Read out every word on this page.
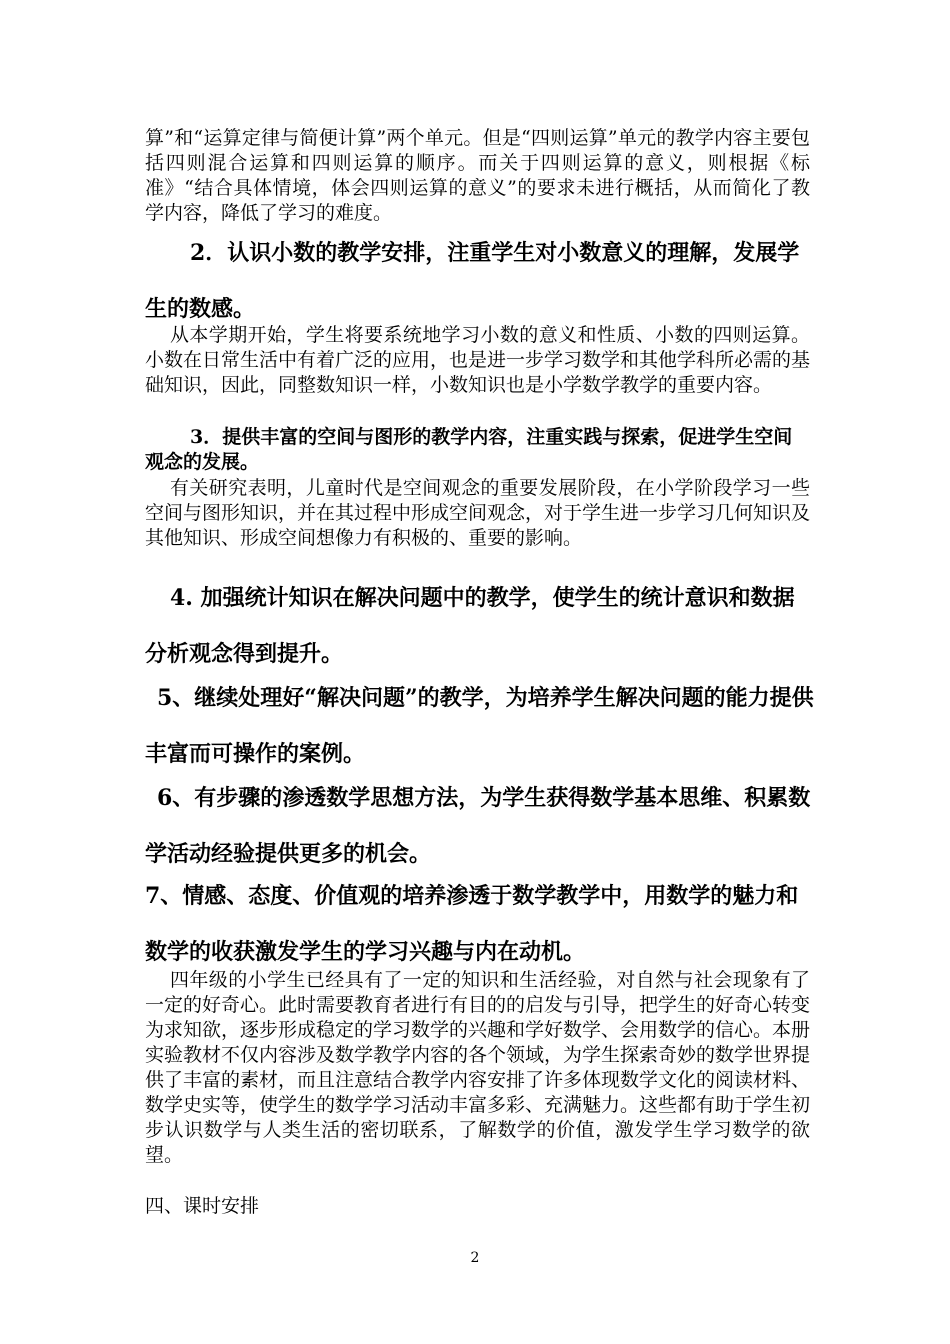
算”和“运算定律与简便计算”两个单元。但是“四则运算”单元的教学内容主要包括四则混合运算和四则运算的顺序。而关于四则运算的意义，则根据《标准》“结合具体情境，体会四则运算的意义”的要求未进行概括，从而简化了教学内容，降低了学习的难度。
2．认识小数的教学安排，注重学生对小数意义的理解，发展学生的数感。
从本学期开始，学生将要系统地学习小数的意义和性质、小数的四则运算。小数在日常生活中有着广泛的应用，也是进一步学习数学和其他学科所必需的基础知识，因此，同整数知识一样，小数知识也是小学数学教学的重要内容。
3．提供丰富的空间与图形的教学内容，注重实践与探索，促进学生空间观念的发展。
有关研究表明，儿童时代是空间观念的重要发展阶段，在小学阶段学习一些空间与图形知识，并在其过程中形成空间观念，对于学生进一步学习几何知识及其他知识、形成空间想像力有积极的、重要的影响。
4. 加强统计知识在解决问题中的教学，使学生的统计意识和数据分析观念得到提升。
5、继续处理好“解决问题”的教学，为培养学生解决问题的能力提供丰富而可操作的案例。
6、有步骤的渗透数学思想方法，为学生获得数学基本思维、积累数学活动经验提供更多的机会。
7、情感、态度、价值观的培养渗透于数学教学中，用数学的魅力和数学的收获激发学生的学习兴趣与内在动机。
四年级的小学生已经具有了一定的知识和生活经验，对自然与社会现象有了一定的好奇心。此时需要教育者进行有目的的启发与引导，把学生的好奇心转变为求知欲，逐步形成稳定的学习数学的兴趣和学好数学、会用数学的信心。本册实验教材不仅内容涉及数学教学内容的各个领域，为学生探索奇妙的数学世界提供了丰富的素材，而且注意结合教学内容安排了许多体现数学文化的阅读材料、数学史实等，使学生的数学学习活动丰富多彩、充满魅力。这些都有助于学生初步认识数学与人类生活的密切联系，了解数学的价值，激发学生学习数学的欲望。
四、课时安排
2
